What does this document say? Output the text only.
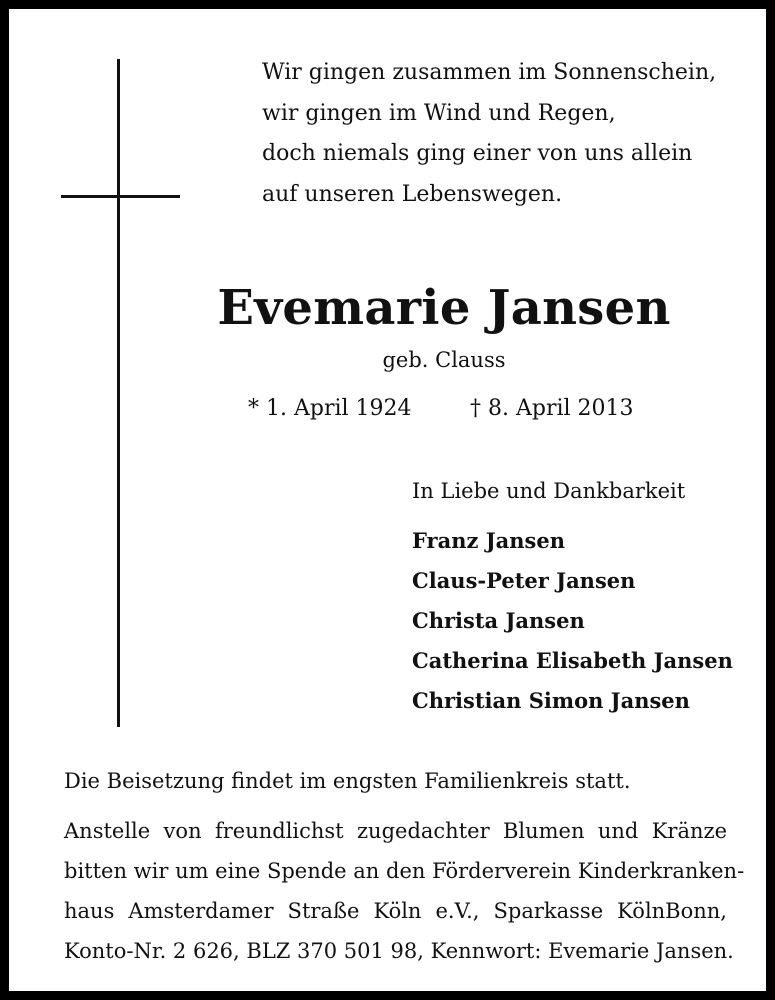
Wir gingen zusammen im Sonnenschein,
wir gingen im Wind und Regen,
doch niemals ging einer von uns allein
auf unseren Lebenswegen.
Evemarie Jansen
geb. Clauss
* 1. April 1924	† 8. April 2013
In Liebe und Dankbarkeit
Franz Jansen
Claus-Peter Jansen
Christa Jansen
Catherina Elisabeth Jansen
Christian Simon Jansen
Die Beisetzung findet im engsten Familienkreis statt.
Anstelle von freundlichst zugedachter Blumen und Kränze
bitten wir um eine Spende an den Förderverein Kinderkranken-
haus Amsterdamer Straße Köln e.V., Sparkasse KölnBonn,
Konto-Nr. 2 626, BLZ 370 501 98, Kennwort: Evemarie Jansen.
